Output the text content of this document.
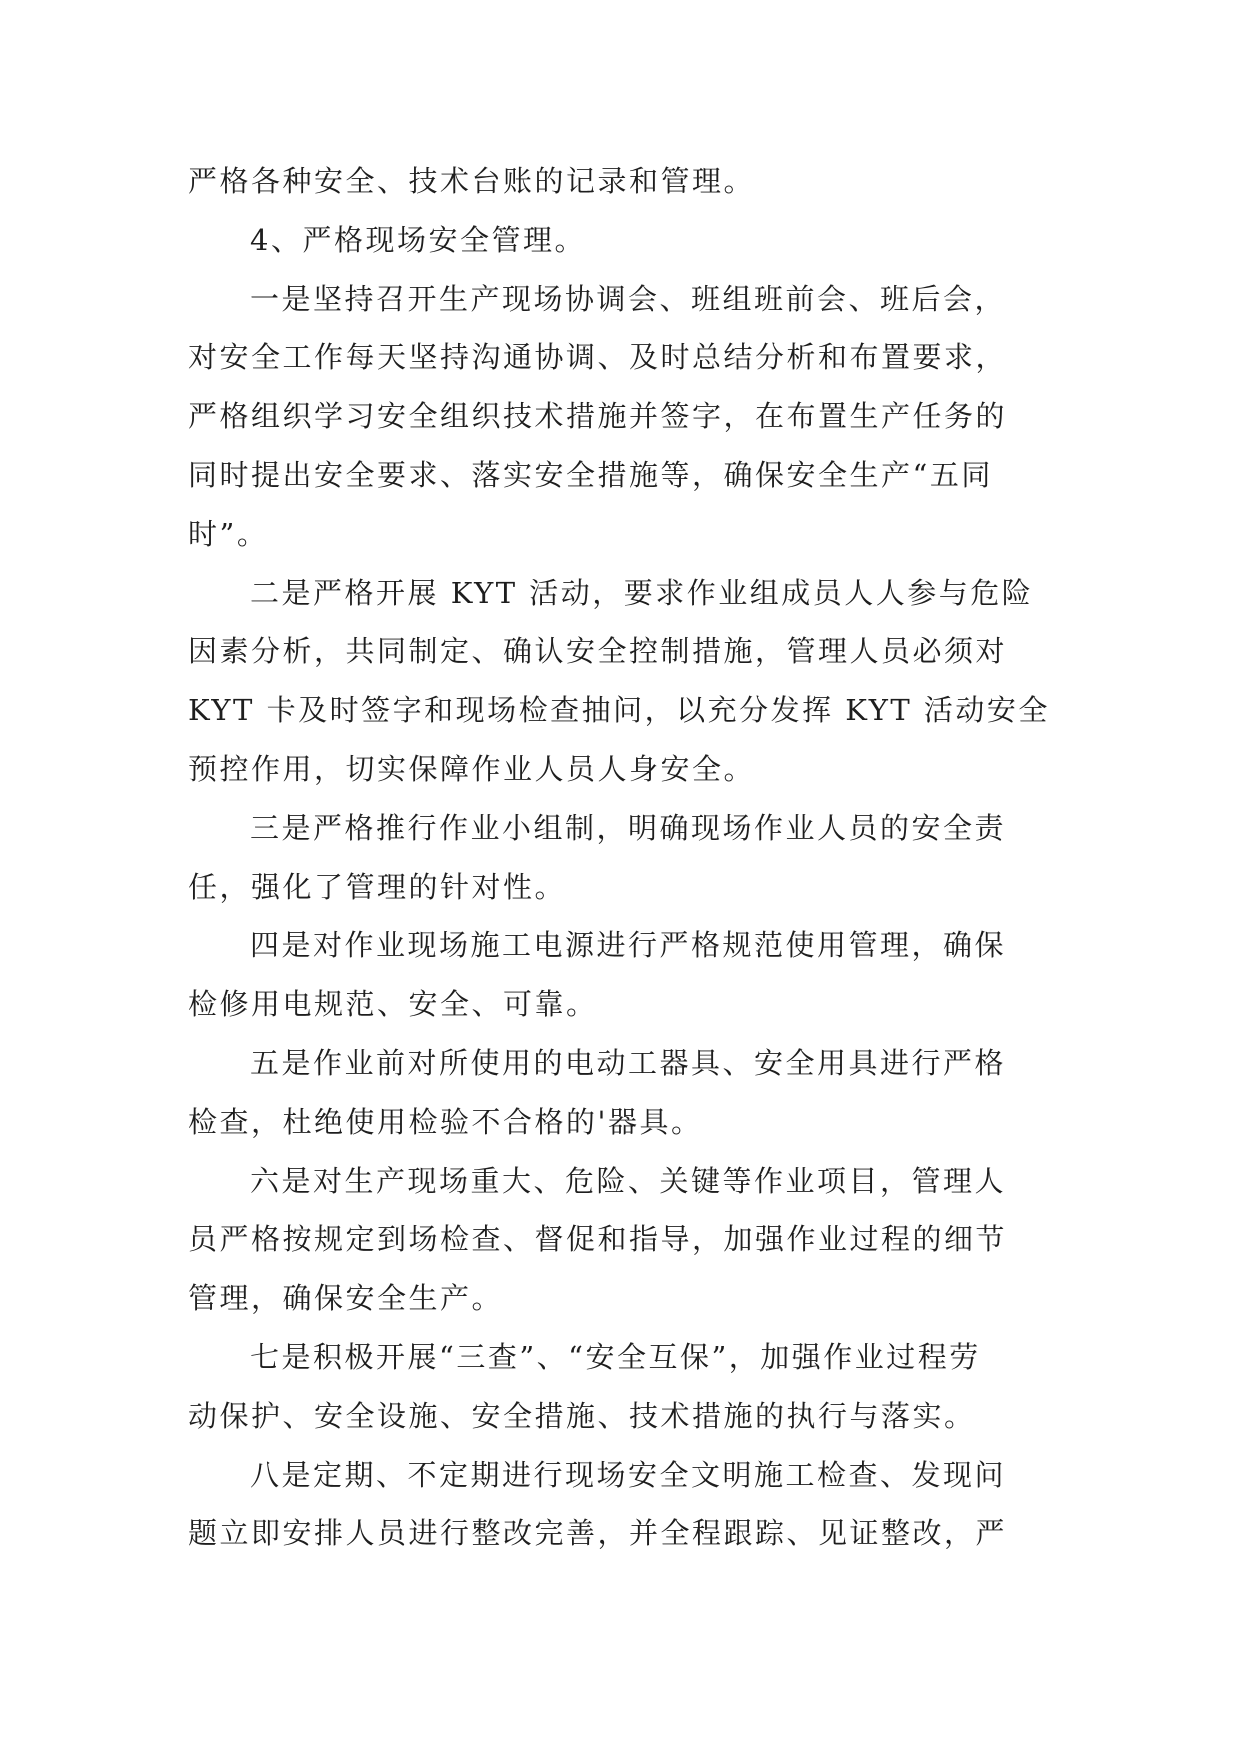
严格各种安全、技术台账的记录和管理。
4、严格现场安全管理。
一是坚持召开生产现场协调会、班组班前会、班后会，
对安全工作每天坚持沟通协调、及时总结分析和布置要求，
严格组织学习安全组织技术措施并签字，在布置生产任务的
同时提出安全要求、落实安全措施等，确保安全生产“五同
时”。
二是严格开展 KYT 活动，要求作业组成员人人参与危险
因素分析，共同制定、确认安全控制措施，管理人员必须对
KYT 卡及时签字和现场检查抽问，以充分发挥 KYT 活动安全
预控作用，切实保障作业人员人身安全。
三是严格推行作业小组制，明确现场作业人员的安全责
任，强化了管理的针对性。
四是对作业现场施工电源进行严格规范使用管理，确保
检修用电规范、安全、可靠。
五是作业前对所使用的电动工器具、安全用具进行严格
检查，杜绝使用检验不合格的'器具。
六是对生产现场重大、危险、关键等作业项目，管理人
员严格按规定到场检查、督促和指导，加强作业过程的细节
管理，确保安全生产。
七是积极开展“三查”、“安全互保”，加强作业过程劳
动保护、安全设施、安全措施、技术措施的执行与落实。
八是定期、不定期进行现场安全文明施工检查、发现问
题立即安排人员进行整改完善，并全程跟踪、见证整改，严
